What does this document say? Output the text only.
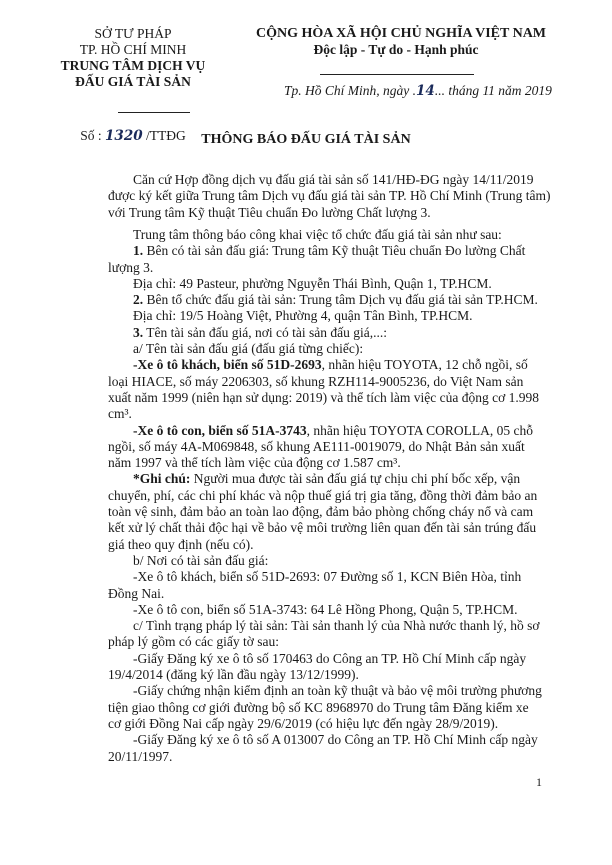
SỞ TƯ PHÁP
TP. HỒ CHÍ MINH
TRUNG TÂM DỊCH VỤ
ĐẤU GIÁ TÀI SẢN
Số : 1320 /TTĐG
CỘNG HÒA XÃ HỘI CHỦ NGHĨA VIỆT NAM
Độc lập - Tự do - Hạnh phúc
Tp. Hồ Chí Minh, ngày .14... tháng 11 năm 2019
THÔNG BÁO ĐẤU GIÁ TÀI SẢN
Căn cứ Hợp đồng dịch vụ đấu giá tài sản số 141/HĐ-ĐG ngày 14/11/2019
được ký kết giữa Trung tâm Dịch vụ đấu giá tài sản TP. Hồ Chí Minh (Trung tâm)
với Trung tâm Kỹ thuật Tiêu chuẩn Đo lường Chất lượng 3.
Trung tâm thông báo công khai việc tổ chức đấu giá tài sản như sau:
1. Bên có tài sản đấu giá: Trung tâm Kỹ thuật Tiêu chuẩn Đo lường Chất
lượng 3.
Địa chỉ: 49 Pasteur, phường Nguyễn Thái Bình, Quận 1, TP.HCM.
2. Bên tổ chức đấu giá tài sản: Trung tâm Dịch vụ đấu giá tài sản TP.HCM.
Địa chỉ: 19/5 Hoàng Việt, Phường 4, quận Tân Bình, TP.HCM.
3. Tên tài sản đấu giá, nơi có tài sản đấu giá,...:
a/ Tên tài sản đấu giá (đấu giá từng chiếc):
-Xe ô tô khách, biển số 51D-2693, nhãn hiệu TOYOTA, 12 chỗ ngồi, số
loại HIACE, số máy 2206303, số khung RZH114-9005236, do Việt Nam sản
xuất năm 1999 (niên hạn sử dụng: 2019) và thể tích làm việc của động cơ 1.998
cm³.
-Xe ô tô con, biển số 51A-3743, nhãn hiệu TOYOTA COROLLA, 05 chỗ
ngồi, số máy 4A-M069848, số khung AE111-0019079, do Nhật Bản sản xuất
năm 1997 và thể tích làm việc của động cơ 1.587 cm³.
*Ghi chú: Người mua được tài sản đấu giá tự chịu chi phí bốc xếp, vận
chuyển, phí, các chi phí khác và nộp thuế giá trị gia tăng, đồng thời đảm bảo an
toàn vệ sinh, đảm bảo an toàn lao động, đảm bảo phòng chống cháy nổ và cam
kết xử lý chất thải độc hại về bảo vệ môi trường liên quan đến tài sản trúng đấu
giá theo quy định (nếu có).
b/ Nơi có tài sản đấu giá:
-Xe ô tô khách, biển số 51D-2693: 07 Đường số 1, KCN Biên Hòa, tỉnh
Đồng Nai.
-Xe ô tô con, biển số 51A-3743: 64 Lê Hồng Phong, Quận 5, TP.HCM.
c/ Tình trạng pháp lý tài sản: Tài sản thanh lý của Nhà nước thanh lý, hồ sơ
pháp lý gồm có các giấy tờ sau:
-Giấy Đăng ký xe ô tô số 170463 do Công an TP. Hồ Chí Minh cấp ngày
19/4/2014 (đăng ký lần đầu ngày 13/12/1999).
-Giấy chứng nhận kiểm định an toàn kỹ thuật và bảo vệ môi trường phương
tiện giao thông cơ giới đường bộ số KC 8968970 do Trung tâm Đăng kiểm xe
cơ giới Đồng Nai cấp ngày 29/6/2019 (có hiệu lực đến ngày 28/9/2019).
-Giấy Đăng ký xe ô tô số A 013007 do Công an TP. Hồ Chí Minh cấp ngày
20/11/1997.
1
